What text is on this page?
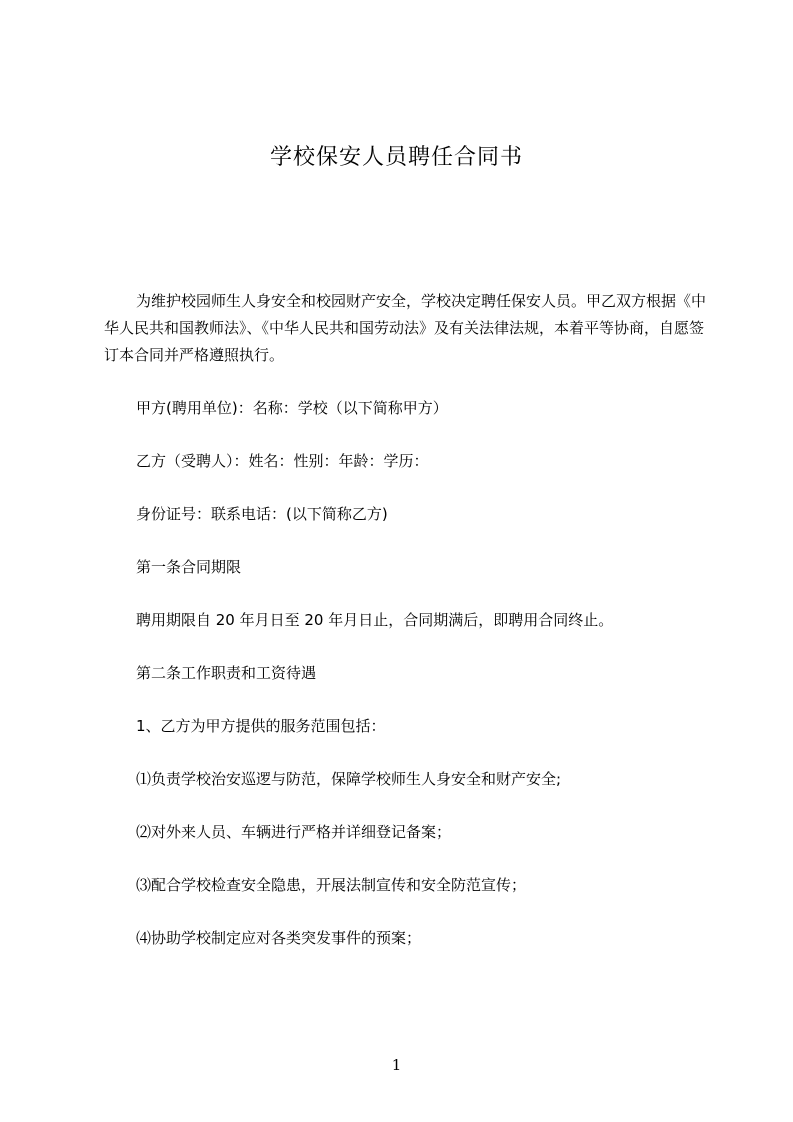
学校保安人员聘任合同书

为维护校园师生人身安全和校园财产安全，学校决定聘任保安人员。甲乙双方根据《中华人民共和国教师法》、《中华人民共和国劳动法》及有关法律法规，本着平等协商，自愿签订本合同并严格遵照执行。

甲方(聘用单位)：名称：学校（以下简称甲方）

乙方（受聘人）：姓名：性别：年龄：学历：

身份证号：联系电话：(以下简称乙方)

第一条合同期限

聘用期限自 20 年月日至 20 年月日止，合同期满后，即聘用合同终止。

第二条工作职责和工资待遇

1、乙方为甲方提供的服务范围包括：

⑴负责学校治安巡逻与防范，保障学校师生人身安全和财产安全;

⑵对外来人员、车辆进行严格并详细登记备案；

⑶配合学校检查安全隐患，开展法制宣传和安全防范宣传；

⑷协助学校制定应对各类突发事件的预案；

1
